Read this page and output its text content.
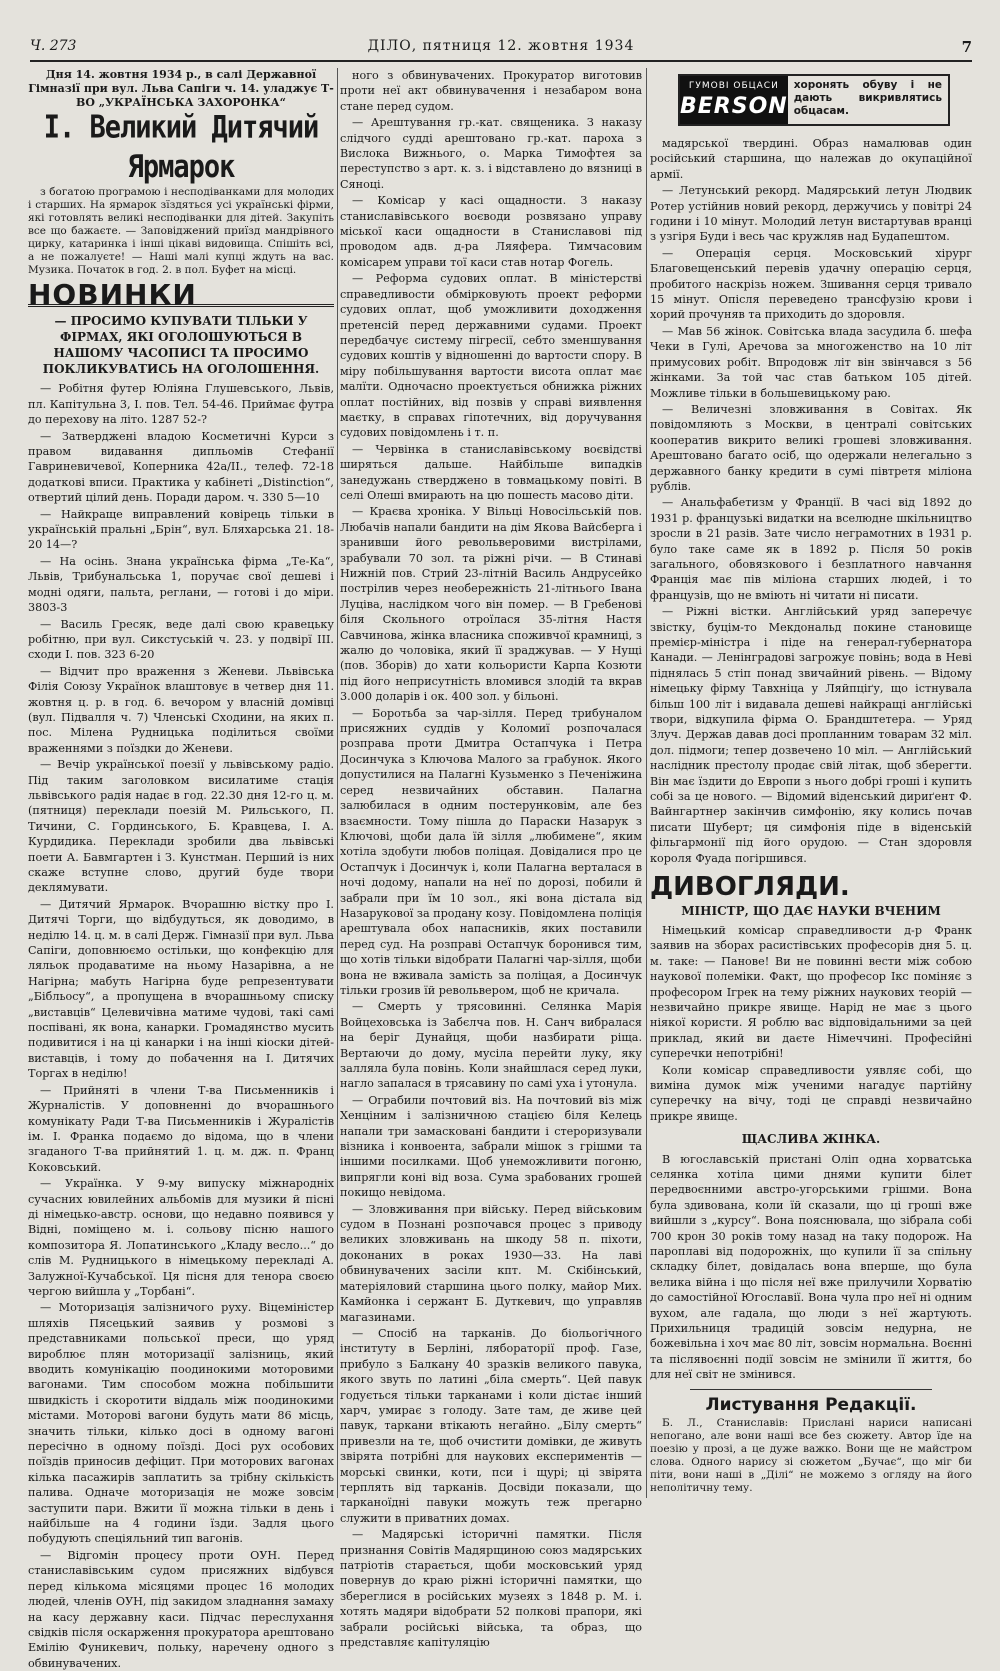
Ч. 273	ДІЛО, пятниця 12. жовтня 1934	7

Дня 14. жовтня 1934 р., в салі Державної Гімназії при вул. Льва Сапіги ч. 14. уладжує Т-ВО „УКРАЇНСЬКА ЗАХОРОНКА“

І. Великий Дитячий Ярмарок

з богатою програмою і несподіванками для молодих і старших. На ярмарок зїздяться усі українські фірми, які готовлять великі несподіванки для дітей. Закупіть все що бажаєте. — Заповіджений приїзд мандрівного цирку, катаринка і інші цікаві видовища. Спішіть всі, а не пожалуєте! — Наші малі купці ждуть на вас. Музика. Початок в год. 2. в пол. Буфет на місці.

НОВИНКИ

— ПРОСИМО КУПУВАТИ ТІЛЬКИ У ФІРМАХ, ЯКІ ОГОЛОШУЮТЬСЯ В НАШОМУ ЧАСОПИСІ ТА ПРОСИМО ПОКЛИКУВАТИСЬ НА ОГОЛОШЕННЯ.

— Робітня футер Юліяна Глушевського, Львів, пл. Капітульна 3, І. пов. Тел. 54-46. Приймає футра до перехову на літо. 1287 52-?

— Затверджені владою Косметичні Курси з правом видавання дипльомів Стефанії Гавриневичевої, Коперника 42а/ІІ., телеф. 72-18 додаткові вписи. Практика у кабінеті „Distinction“, отвертий цілий день. Поради даром. ч. 330 5—10

— Найкраще виправлений ковірець тільки в українській пральні „Брін“, вул. Бляхарська 21. 18-20 14—?

— На осінь. Знана українська фірма „Те-Ка“, Львів, Трибунальська 1, поручає свої дешеві і модні одяги, пальта, реглани, — готові і до міри. 3803-3

— Василь Гресяк, веде далі свою кравецьку робітню, при вул. Сикстуській ч. 23. у подвірї ІІІ. сходи І. пов. 323 6-20

— Відчит про враження з Женеви. Львівська Філія Союзу Українок влаштовує в четвер дня 11. жовтня ц. р. в год. 6. вечором у власній домівці (вул. Підвалля ч. 7) Членські Сходини, на яких п. пос. Мілена Рудницька поділиться своїми враженнями з поїздки до Женеви.

— Вечір української поезії у львівському радіо. Під таким заголовком висилатиме стація львівського радія надає в год. 22.30 дня 12-го ц. м. (пятниця) переклади поезій М. Рильського, П. Тичини, С. Гординського, Б. Кравцева, І. А. Курдидика. Переклади зробили два львівські поети А. Бавмгартен і З. Кунстман. Перший із них скаже вступне слово, другий буде твори деклямувати.

— Дитячий Ярмарок. Вчорашню вістку про І. Дитячі Торги, що відбудуться, як доводимо, в неділю 14. ц. м. в салі Держ. Гімназії при вул. Льва Сапіги, доповнюємо остільки, що конфекцію для ляльок продаватиме на ньому Назарівна, а не Нагірна; мабуть Нагірна буде репрезентувати „Бібльосу“, а пропущена в вчорашньому списку „виставців“ Целевичівна матиме чудові, такі самі поспівані, як вона, канарки. Громадянство мусить подивитися і на ці канарки і на інші кіоски дітей-виставців, і тому до побачення на І. Дитячих Торгах в неділю!

— Прийняті в члени Т-ва Письменників і Журналістів. У доповненні до вчорашнього комунікату Ради Т-ва Письменників і Журалістів ім. І. Франка подаємо до відома, що в члени згаданого Т-ва прийнятий 1. ц. м. дж. п. Франц Коковський.

— Українка. У 9-му випуску міжнародніх сучасних ювилейних альбомів для музики й пісні ді німецько-австр. основи, що недавно появився у Відні, поміщено м. і. сольову пісню нашого композитора Я. Лопатинського „Кладу весло...“ до слів М. Рудницького в німецькому перекладі А. Залужної-Кучабської. Ця пісня для тенора своєю чергою вийшла у „Торбані“.

— Моторизація залізничого руху. Віцеміністер шляхів Пясецький заявив у розмові з представниками польської преси, що уряд вироблює плян моторизації залізниць, який вводить комунікацію поодинокими моторовими вагонами. Тим способом можна побільшити швидкість і скоротити віддаль між поодинокими містами. Моторові вагони будуть мати 86 місць, значить тільки, кілько досі в одному вагоні пересічно в одному поїзді. Досі рух особових поїздів приносив дефіцит. При моторових вагонах кілька пасажирів заплатить за трібну скількість палива. Одначе моторизація не може зовсім заступити пари. Вжити її можна тільки в день і найбільше на 4 години їзди. Задля цього побудують спеціяльний тип вагонів.

— Відгомін процесу проти ОУН. Перед станиславівським судом присяжних відбувся перед кількома місяцями процес 16 молодих людей, членів ОУН, під закидом зладнання замаху на касу державну каси. Підчас переслухання свідків після оскарження прокуратора арештовано Емілію Фуникевич, польку, наречену одного з обвинувачених.

ного з обвинувачених. Прокуратор виготовив проти неї акт обвинувачення і незабаром вона стане перед судом.

— Арештування гр.-кат. священика. З наказу слідчого судді арештовано гр.-кат. пароха з Вислока Вижнього, о. Марка Тимофтея за переступство з арт. к. з. і відставлено до вязниці в Сяноці.

— Комісар у касі ощадности. З наказу станиславівського воєводи розвязано управу міської каси ощадности в Станиславові під проводом адв. д-ра Ляяфера. Тимчасовим комісарем управи тої каси став нотар Фогель.

— Реформа судових оплат. В міністерстві справедливости обмірковують проект реформи судових оплат, щоб уможливити доходження претенсій перед державними судами. Проект передбачує систему пігресії, себто зменшування судових коштів у відношенні до вартости спору. В міру побільшування вартости висота оплат має малїти. Одночасно проектується обнижка ріжних оплат постійних, від позвів у справі виявлення маєтку, в справах гіпотечних, від доручування судових повідомлень і т. п.

— Червінка в станиславівському воєвідстві ширяться дальше. Найбільше випадків занедужань стверджено в товмацькому повіті. В селі Олеші вмирають на цю пошесть масово діти.

— Краєва хроніка. У Вільці Новосільській пов. Любачів напали бандити на дім Якова Вайсберга і зранивши його револьверовими вистрілами, зрабували 70 зол. та ріжні річи. — В Стинаві Нижній пов. Стрий 23-літній Василь Андрусейко пострілив через необережність 21-літнього Івана Луціва, наслідком чого він помер. — В Гребенові біля Скольного отроїлася 35-літня Настя Савчинова, жінка власника споживчої крамниці, з жалю до чоловіка, який її зраджував. — У Нущі (пов. Зборів) до хати кольористи Карпа Козюти під його неприсутність вломився злодій та вкрав 3.000 доларів і ок. 400 зол. у більоні.

— Боротьба за чар-зілля. Перед трибуналом присяжних суддів у Коломиї розпочалася розправа проти Дмитра Остапчука і Петра Досинчука з Ключова Малого за грабунок. Якого допустилися на Палагні Кузьменко з Печеніжина серед незвичайних обставин. Палагна залюбилася в одним постерунковім, але без взаємности. Тому пішла до Параски Назарук з Ключові, щоби дала їй зілля „любимене“, яким хотіла здобути любов поліцая. Довідалися про це Остапчук і Доcинчук і, коли Палагна верталася в ночі додому, напали на неї по дорозі, побили й забрали при їм 10 зол., які вона дістала від Назарукової за продану козу. Повідомлена поліція арештувала обох напасників, яких поставили перед суд. На розправі Остапчук боронився тим, що хотів тільки відобрати Палагні чар-зілля, щоби вона не вживала замість за поліцая, а Досинчук тільки грозив їй револьвером, щоб не кричала.

— Смерть у трясовинні. Селянка Марія Войцеховська із Забєлча пов. Н. Санч вибралася на беріг Дунайця, щоби назбирати ріща. Вертаючи до дому, мусіла перейти луку, яку залляла була повінь. Коли знайшлася серед луки, нагло запалася в трясавину по самі уха і утонула.

— Ограбили почтовий віз. На почтовий віз між Хенціним і залізничною стацією біля Келець напали три замасковані бандити і стероризували візника і конвоента, забрали мішок з грішми та іншими посилками. Щоб унеможливити погоню, випрягли коні від воза. Сума зрабованих грошей покищо невідома.

— Зловживання при війську. Перед військовим судом в Познані розпочався процес з приводу великих зловживань на шкоду 58 п. піхоти, доконаних в роках 1930—33. На лаві обвинувачених засіли кпт. М. Скібінський, матеріяловий старшина цього полку, майор Мих. Камйонка і сержант Б. Дуткевич, що управляв магазинами.

— Спосіб на тарканів. До біольогічного інституту в Берліні, лябораторії проф. Газе, прибуло з Балкану 40 зразків великого павука, якого звуть по латині „біла смерть“. Цей павук годується тільки тарканами і коли дістає інший харч, умирає з голоду. Зате там, де живе цей павук, таркани втікають негайно. „Білу смерть“ привезли на те, щоб очистити домівки, де живуть звірята потрібні для наукових експериментів — морські свинки, коти, пси і щурі; ці звірята терплять від тарканів. Досвіди показали, що тарканоїдні павуки можуть теж прегарно служити в приватних домах.

— Мадярські історичні памятки. Після признання Совітів Мадярщиною союз мадярських патріотів старається, щоби московський уряд повернув до краю ріжні історичні памятки, що збереглися в російських музеях з 1848 р. М. і. хотять мадяри відобрати 52 полкові прапори, які забрали російські війська, та образ, що представляє капітуляцію

ГУМОВІ ОБЦАСИ
BERSON
хоронять обуву і не дають викривлятись обцасам.

мадярської твердині. Образ намалював один російський старшина, що належав до окупаційної армії.

— Летунський рекорд. Мадярський летун Людвик Ротер устійнив новий рекорд, держучись у повітрі 24 години і 10 мінут. Молодий летун вистартував вранці з узгіря Буди і весь час кружляв над Будапештом.

— Операція серця. Московський хірург Благовещенський перевів удачну операцію серця, пробитого наскрізь ножем. Зшивання серця тривало 15 мінут. Опісля переведено трансфузію крови і хорий прочуняв та приходить до здоровля.

— Мав 56 жінок. Совітська влада засудила б. шефа Чеки в Гулі, Аречова за многоженство на 10 літ примусових робіт. Впродовж літ він звінчався з 56 жінками. За той час став батьком 105 дітей. Можливе тільки в большевицькому раю.

— Величезні зловживання в Совітах. Як повідомляють з Москви, в централі совітських кооператив викрито великі грошеві зловживання. Арештовано багато осіб, що одержали нелегально з державного банку кредити в сумі півтретя міліона рублів.

— Анальфабетизм у Франції. В часі від 1892 до 1931 р. французькі видатки на вселюдне шкільництво зросли в 21 разів. Зате число неграмотних в 1931 р. було таке саме як в 1892 р. Після 50 років загального, обовязкового і безплатного навчання Франція має пів міліона старших людей, і то французів, що не вміють ні читати ні писати.

— Ріжні вістки. Англійський уряд заперечує звістку, буцім-то Мекдональд покине становище премієр-міністра і піде на генерал-губернатора Канади. — Ленінградові загрожує повінь; вода в Неві піднялась 5 стіп понад звичайний рівень. — Відому німецьку фірму Тавхніца у Ляйпціґу, що істнувала більш 100 літ і видавала дешеві найкращі англійські твори, відкупила фірма О. Брандштетера. — Уряд Злуч. Держав давав досі пропланним товарам 32 міл. дол. підмоги; тепер дозвечено 10 міл. — Англійський наслідник престолу продає свій літак, щоб зберегти. Він має їздити до Европи з нього добрі гроші і купить собі за це нового. — Відомий віденський дириґент Ф. Вайнгартнер закінчив симфонію, яку колись почав писати Шуберт; ця симфонія піде в віденській фільгармонії під його орудою. — Стан здоровля короля Фуада погіршився.

ДИВОГЛЯДИ.
МІНІСТР, ЩО ДАЄ НАУКИ ВЧЕНИМ

Німецький комісар справедливости д-р Франк заявив на зборах расистівських професорів дня 5. ц. м. таке: — Панове! Ви не повинні вести між собою наукової полеміки. Факт, що професор Ікс поміняє з професором Ігрек на тему ріжних наукових теорій — незвичайно прикре явище. Нарід не має з цього ніякої користи. Я роблю вас відповідальними за цей приклад, який ви даєте Німеччині. Професійні суперечки непотрібні!

Коли комісар справедливости уявляє собі, що виміна думок між ученими нагадує партійну суперечку на вічу, тоді це справді незвичайно прикре явище.

ЩАСЛИВА ЖІНКА.

В югославській пристані Оліп одна хорватська селянка хотіла цими днями купити білет передвоєнними австро-угорськими грішми. Вона була здивована, коли їй сказали, що ці гроші вже вийшли з „курсу“. Вона пояснювала, що зібрала собі 700 крон 30 років тому назад на таку подорож. На пароплаві від подорожніх, що купили її за спільну складку білет, довідалась вона вперше, що була велика війна і що після неї вже прилучили Хорватію до самостійної Югославії. Вона чула про неї ні одним вухом, але гадала, що люди з неї жартують. Прихильниця традицій зовсім недурна, не божевільна і хоч має 80 літ, зовсім нормальна. Воєнні та післявоєнні події зовсім не змінили її життя, бо для неї світ не змінився.

Листування Редакції.

Б. Л., Станиславів: Прислані нариси написані непогано, але вони наші все без сюжету. Автор їде на поезію у прозі, а це дуже важко. Вони ще не майстром слова. Одного нарису зі сюжетом „Бучає“, що міг би піти, вони наші в „Ділі“ не можемо з огляду на його неполітичну тему.
